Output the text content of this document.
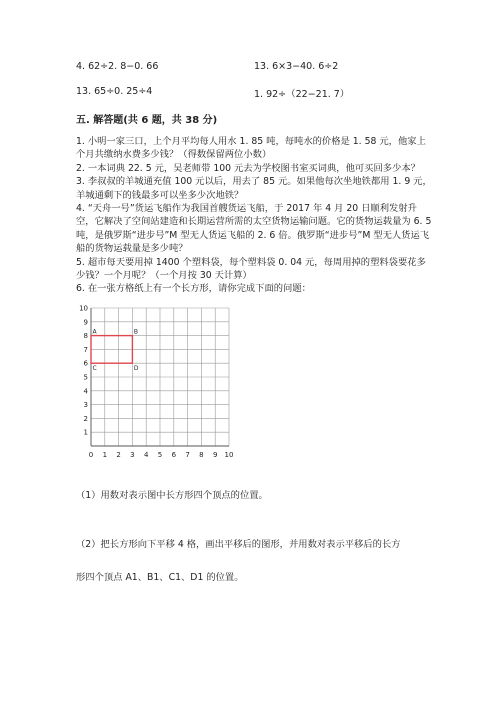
4. 62÷2. 8−0. 66	13. 6×3−40. 6÷2
13. 65÷0. 25÷4	1. 92÷（22−21. 7）
五. 解答题(共 6 题，共 38 分)

1. 小明一家三口，上个月平均每人用水 1. 85 吨，每吨水的价格是 1. 58 元，他家上个月共缴纳水费多少钱？（得数保留两位小数）

2. 一本词典 22. 5 元，吴老师带 100 元去为学校图书室买词典，他可买回多少本？

3. 李叔叔的羊城通充值 100 元以后，用去了 85 元。如果他每次坐地铁都用 1. 9 元，羊城通剩下的钱最多可以坐多少次地铁？

4. “天舟一号”货运飞船作为我国首艘货运飞船，于 2017 年 4 月 20 日顺利发射升空，它解决了空间站建造和长期运营所需的太空货物运输问题。它的货物运载量为 6. 5 吨，是俄罗斯“进步号”M 型无人货运飞船的 2. 6 倍。俄罗斯“进步号”M 型无人货运飞船的货物运载量是多少吨？

5. 超市每天要用掉 1400 个塑料袋，每个塑料袋 0. 04 元，每周用掉的塑料袋要花多少钱？一个月呢？（一个月按 30 天计算）

6. 在一张方格纸上有一个长方形，请你完成下面的问题：

0 1 2 3 4 5 6 7 8 9 10
1
2
3
4
5
6
7
8
9
10
A	B
C	D
（1）用数对表示图中长方形四个顶点的位置。
（2）把长方形向下平移 4 格，画出平移后的图形，并用数对表示平移后的长方
形四个顶点 A1、B1、C1、D1 的位置。
